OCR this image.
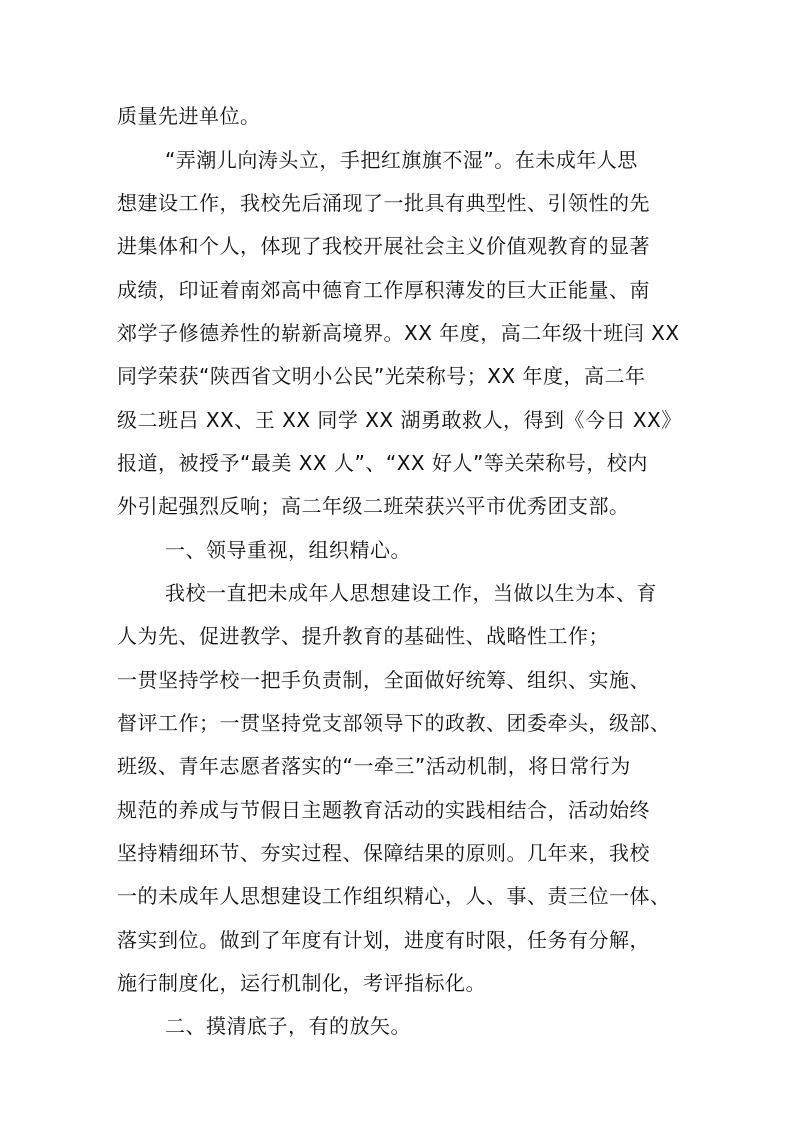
质量先进单位。
“弄潮儿向涛头立，手把红旗旗不湿”。在未成年人思
想建设工作，我校先后涌现了一批具有典型性、引领性的先
进集体和个人，体现了我校开展社会主义价值观教育的显著
成绩，印证着南郊高中德育工作厚积薄发的巨大正能量、南
郊学子修德养性的崭新高境界。XX 年度，高二年级十班闫 XX
同学荣获“陕西省文明小公民”光荣称号；XX 年度，高二年
级二班吕 XX、王 XX 同学 XX 湖勇敢救人，得到《今日 XX》
报道，被授予“最美 XX 人”、“XX 好人”等关荣称号，校内
外引起强烈反响；高二年级二班荣获兴平市优秀团支部。
一、领导重视，组织精心。
我校一直把未成年人思想建设工作，当做以生为本、育
人为先、促进教学、提升教育的基础性、战略性工作；
一贯坚持学校一把手负责制，全面做好统筹、组织、实施、
督评工作；一贯坚持党支部领导下的政教、团委牵头，级部、
班级、青年志愿者落实的“一牵三”活动机制，将日常行为
规范的养成与节假日主题教育活动的实践相结合，活动始终
坚持精细环节、夯实过程、保障结果的原则。几年来，我校
一的未成年人思想建设工作组织精心，人、事、责三位一体、
落实到位。做到了年度有计划，进度有时限，任务有分解，
施行制度化，运行机制化，考评指标化。
二、摸清底子，有的放矢。
